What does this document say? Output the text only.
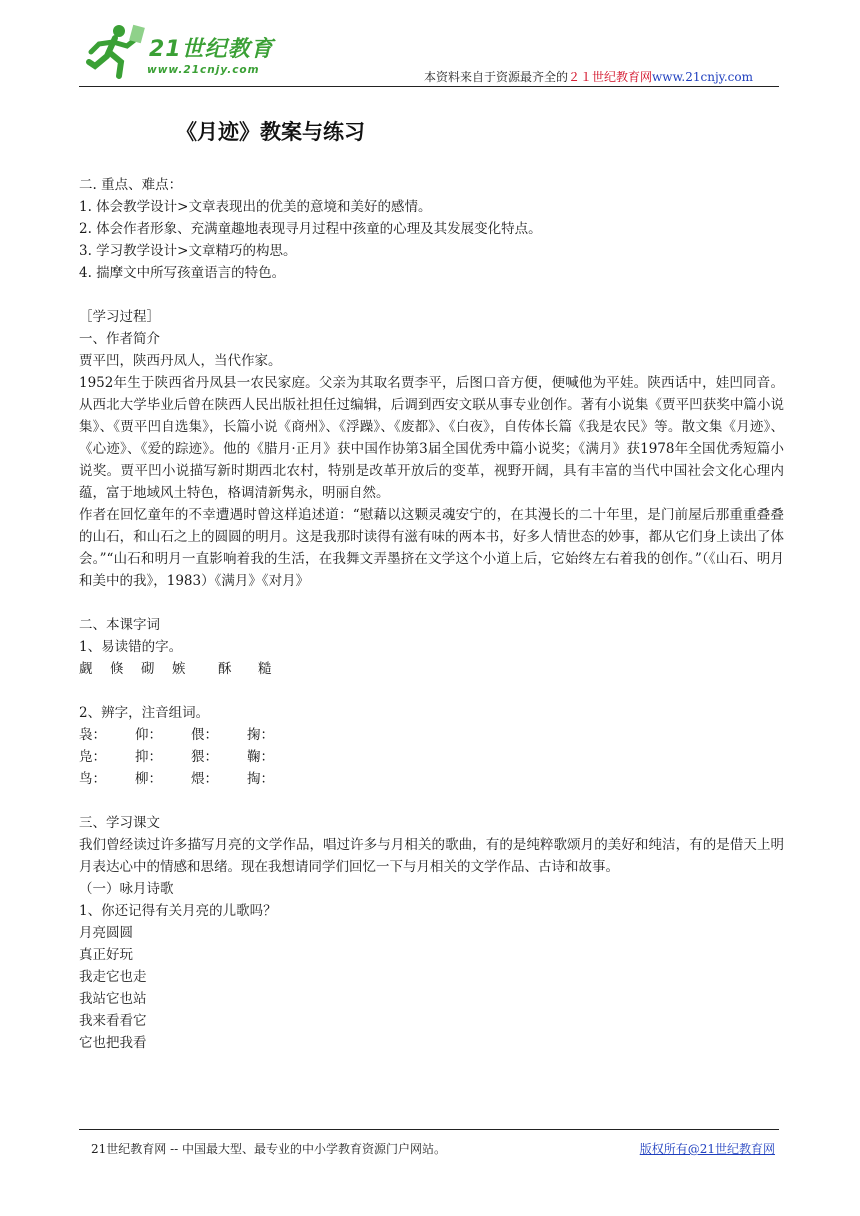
21世纪教育
www.21cnjy.com	本资料来自于资源最齐全的２１世纪教育网www.21cnjy.com
《月迹》教案与练习

二. 重点、难点：

1. 体会教学设计>文章表现出的优美的意境和美好的感情。

2. 体会作者形象、充满童趣地表现寻月过程中孩童的心理及其发展变化特点。

3. 学习教学设计>文章精巧的构思。

4. 揣摩文中所写孩童语言的特色。

［学习过程］

一、作者简介

贾平凹，陕西丹凤人，当代作家。

1952年生于陕西省丹凤县一农民家庭。父亲为其取名贾李平，后图口音方便，便喊他为平娃。陕西话中，娃凹同音。从西北大学毕业后曾在陕西人民出版社担任过编辑，后调到西安文联从事专业创作。著有小说集《贾平凹获奖中篇小说集》、《贾平凹自选集》，长篇小说《商州》、《浮躁》、《废都》、《白夜》，自传体长篇《我是农民》等。散文集《月迹》、《心迹》、《爱的踪迹》。他的《腊月·正月》获中国作协第3届全国优秀中篇小说奖；《满月》获1978年全国优秀短篇小说奖。贾平凹小说描写新时期西北农村，特别是改革开放后的变革，视野开阔，具有丰富的当代中国社会文化心理内蕴，富于地域风土特色，格调清新隽永，明丽自然。

作者在回忆童年的不幸遭遇时曾这样追述道：“慰藉以这颗灵魂安宁的，在其漫长的二十年里，是门前屋后那重重叠叠的山石，和山石之上的圆圆的明月。这是我那时读得有滋有味的两本书，好多人情世态的妙事，都从它们身上读出了体会。”“山石和明月一直影响着我的生活，在我舞文弄墨挤在文学这个小道上后，它始终左右着我的创作。”（《山石、明月和美中的我》，1983）《满月》《对月》

二、本课字词

1、易读错的字。

觑 倏 砌 嫉 酥 糙

2、辨字，注音组词。

袅：	仰：	偎：	掬：

凫：	抑：	猥：	鞠：

鸟：	柳：	煨：	掏：

三、学习课文

我们曾经读过许多描写月亮的文学作品，唱过许多与月相关的歌曲，有的是纯粹歌颂月的美好和纯洁，有的是借天上明月表达心中的情感和思绪。现在我想请同学们回忆一下与月相关的文学作品、古诗和故事。

（一）咏月诗歌

1、你还记得有关月亮的儿歌吗？

月亮圆圆

真正好玩

我走它也走

我站它也站

我来看看它

它也把我看

21世纪教育网 -- 中国最大型、最专业的中小学教育资源门户网站。	版权所有@21世纪教育网
